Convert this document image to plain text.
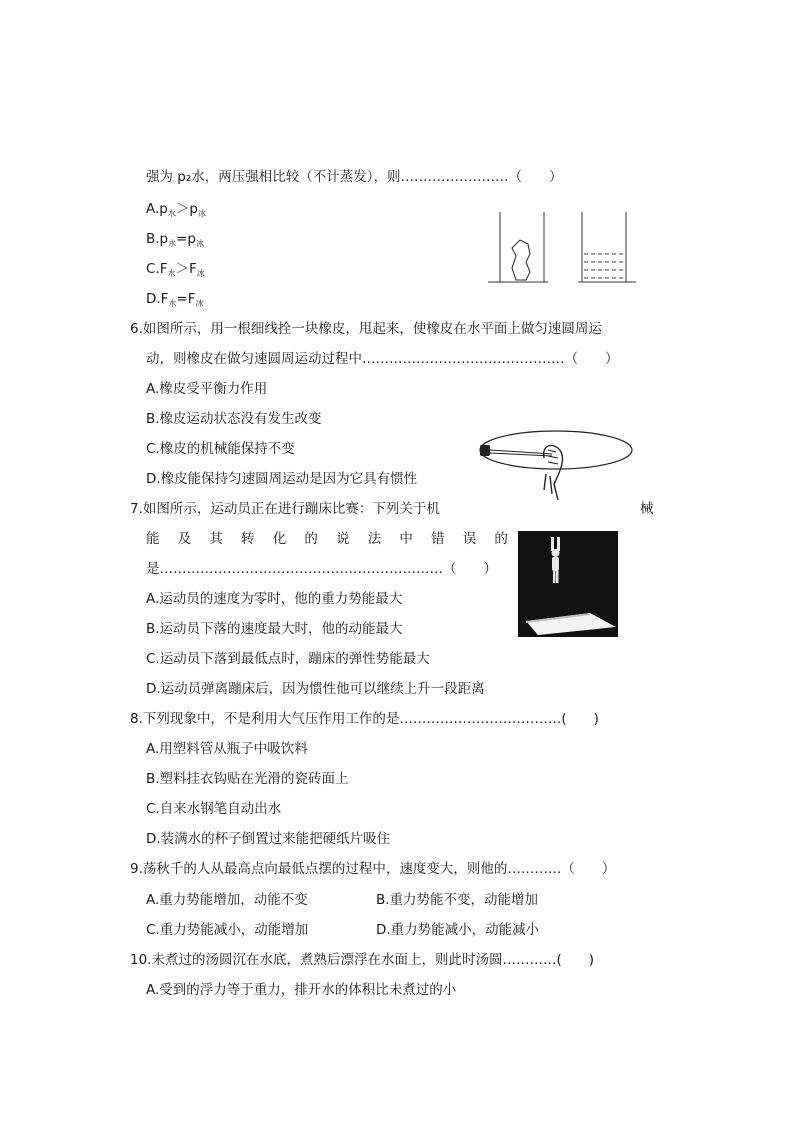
强为 p₂水，两压强相比较（不计蒸发），则……………………（　　）
$A.p_水>p_冰$
$B.p_水=p_冰$
$C.F_水>F_冰$
$D.F_水=F_冰$
6.如图所示，用一根细线拴一块橡皮，甩起来，使橡皮在水平面上做匀速圆周运
动，则橡皮在做匀速圆周运动过程中………………………………………（　　）
A.橡皮受平衡力作用
B.橡皮运动状态没有发生改变
C.橡皮的机械能保持不变
D.橡皮能保持匀速圆周运动是因为它具有惯性
7.如图所示，运动员正在进行蹦床比赛：下列关于机	械
能 及 其 转 化 的 说 法 中 错 误 的
是………………………………………………………（　　）
A.运动员的速度为零时，他的重力势能最大
B.运动员下落的速度最大时，他的动能最大
C.运动员下落到最低点时，蹦床的弹性势能最大
D.运动员弹离蹦床后，因为惯性他可以继续上升一段距离
8.下列现象中，不是利用大气压作用工作的是………………………………(　　)
A.用塑料管从瓶子中吸饮料
B.塑料挂衣钩贴在光滑的瓷砖面上
C.自来水钢笔自动出水
D.装满水的杯子倒置过来能把硬纸片吸住
9.荡秋千的人从最高点向最低点摆的过程中，速度变大，则他的…………（　　）
A.重力势能增加，动能不变	B.重力势能不变，动能增加
C.重力势能减小，动能增加	D.重力势能减小，动能减小
10.未煮过的汤圆沉在水底，煮熟后漂浮在水面上，则此时汤圆…………(　　)
A.受到的浮力等于重力，排开水的体积比未煮过的小
